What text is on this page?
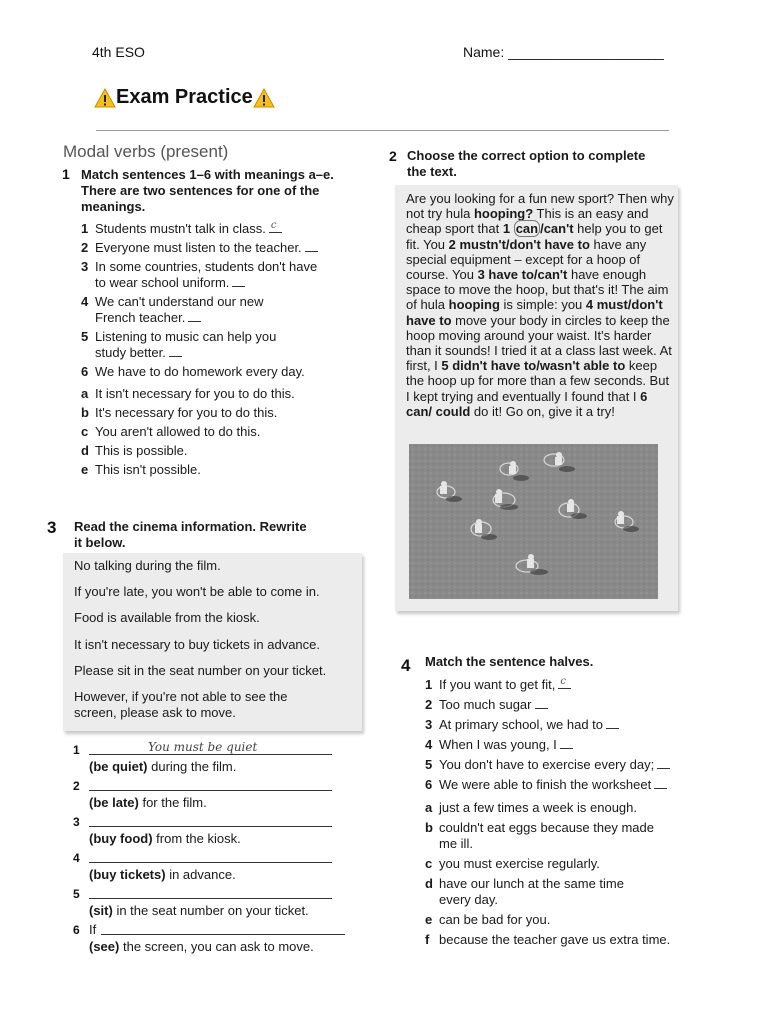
4th ESO	Name: ____________________
Exam Practice
Modal verbs (present)
1 Match sentences 1–6 with meanings a–e.
There are two sentences for one of the
meanings.
1 Students mustn't talk in class. c
2 Everyone must listen to the teacher.
3 In some countries, students don't have
to wear school uniform.
4 We can't understand our new
French teacher.
5 Listening to music can help you
study better.
6 We have to do homework every day.
a It isn't necessary for you to do this.
b It's necessary for you to do this.
c You aren't allowed to do this.
d This is possible.
e This isn't possible.
2 Choose the correct option to complete
the text.
Are you looking for a fun new sport? Then why not try hula hooping? This is an easy and cheap sport that 1 can /can't help you to get fit. You 2 mustn't/don't have to have any special equipment – except for a hoop of course. You 3 have to/can't have enough space to move the hoop, but that's it! The aim of hula hooping is simple: you 4 must/don't have to move your body in circles to keep the hoop moving around your waist. It's harder than it sounds! I tried it at a class last week. At first, I 5 didn't have to/wasn't able to keep the hoop up for more than a few seconds. But I kept trying and eventually I found that I 6 can/ could do it! Go on, give it a try!
3 Read the cinema information. Rewrite
it below.
No talking during the film.
If you're late, you won't be able to come in.
Food is available from the kiosk.
It isn't necessary to buy tickets in advance.
Please sit in the seat number on your ticket.
However, if you're not able to see the
screen, please ask to move.
1	You must be quiet
(be quiet) during the film.
2
(be late) for the film.
3
(buy food) from the kiosk.
4
(buy tickets) in advance.
5
(sit) in the seat number on your ticket.
6 If
(see) the screen, you can ask to move.
4 Match the sentence halves.
1 If you want to get fit, c
2 Too much sugar
3 At primary school, we had to
4 When I was young, I
5 You don't have to exercise every day;
6 We were able to finish the worksheet
a just a few times a week is enough.
b couldn't eat eggs because they made
me ill.
c you must exercise regularly.
d have our lunch at the same time
every day.
e can be bad for you.
f because the teacher gave us extra time.
